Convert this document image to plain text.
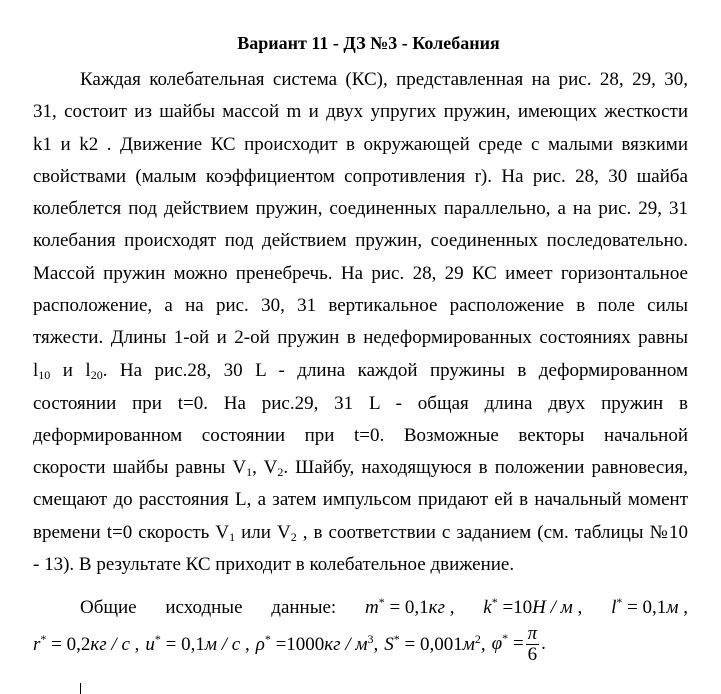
Вариант 11 - ДЗ №3 - Колебания
Каждая колебательная система (КС), представленная на рис. 28, 29, 30,
31, состоит из шайбы массой m и двух упругих пружин, имеющих жесткости
k1 и k2 . Движение КС происходит в окружающей среде с малыми вязкими
свойствами (малым коэффициентом сопротивления r). На рис. 28, 30 шайба
колеблется под действием пружин, соединенных параллельно, а на рис. 29, 31
колебания происходят под действием пружин, соединенных последовательно.
Массой пружин можно пренебречь. На рис. 28, 29 КС имеет горизонтальное
расположение, а на рис. 30, 31 вертикальное расположение в поле силы
тяжести. Длины 1-ой и 2-ой пружин в недеформированных состояниях равны
$l_{10}$ и $l_{20}$. На рис.28, 30 L - длина каждой пружины в деформированном
состоянии при t=0. На рис.29, 31 L - общая длина двух пружин в
деформированном состоянии при t=0. Возможные векторы начальной
скорости шайбы равны $V_1$, $V_2$. Шайбу, находящуюся в положении равновесия,
смещают до расстояния L, а затем импульсом придают ей в начальный момент
времени t=0 скорость $V_1$ или $V_2$ , в соответствии с заданием (см. таблицы №10
- 13). В результате КС приходит в колебательное движение.
Общие исходные данные: m* = 0,1кг , k* =10Н / м , l* = 0,1м ,
r* = 0,2кг / с , u* = 0,1м / с , $\rho^* =1000кг / м^3$, $S^* = 0,001м^2$, $\varphi^* = \frac{\pi}{6}$ .
